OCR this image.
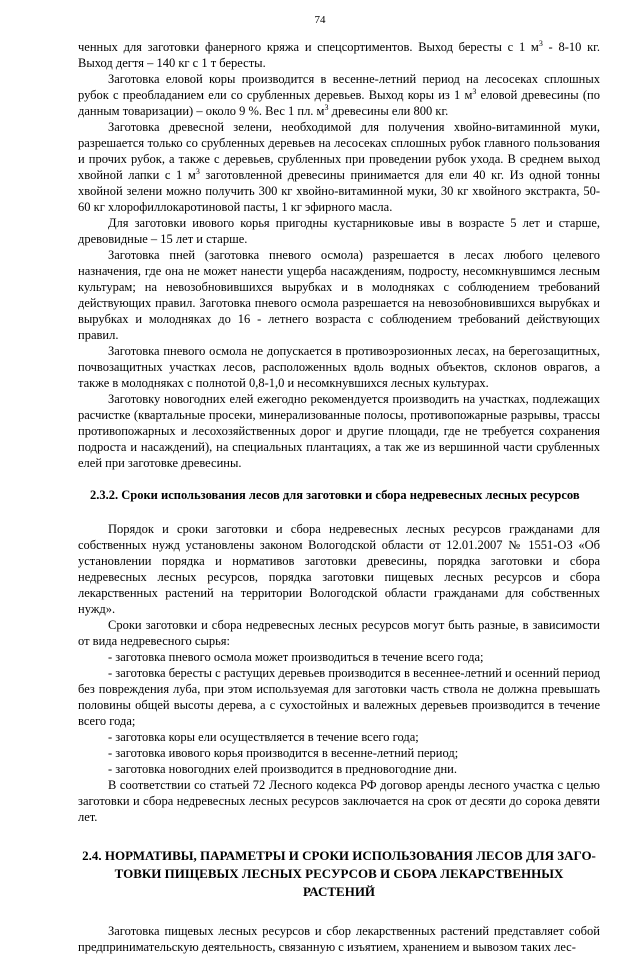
74

ченных для заготовки фанерного кряжа и спецсортиментов. Выход бересты с 1 $м^3 - 8-10$ кг. Выход дегтя – 140 кг с 1 т бересты.

Заготовка еловой коры производится в весенне-летний период на лесосеках сплошных рубок с преобладанием ели со срубленных деревьев. Выход коры из 1 $м^3$ еловой древесины (по данным товаризации) – около 9 %. Вес 1 пл. $м^3$ древесины ели 800 кг.

Заготовка древесной зелени, необходимой для получения хвойно-витаминной муки, разрешается только со срубленных деревьев на лесосеках сплошных рубок главного пользования и прочих рубок, а также с деревьев, срубленных при проведении рубок ухода. В среднем выход хвойной лапки с 1 $м^3$ заготовленной древесины принимается для ели 40 кг. Из одной тонны хвойной зелени можно получить 300 кг хвойно-витаминной муки, 30 кг хвойного экстракта, 50-60 кг хлорофиллокаротиновой пасты, 1 кг эфирного масла.

Для заготовки ивового корья пригодны кустарниковые ивы в возрасте 5 лет и старше, древовидные – 15 лет и старше.

Заготовка пней (заготовка пневого осмола) разрешается в лесах любого целевого назначения, где она не может нанести ущерба насаждениям, подросту, несомкнувшимся лесным культурам; на невозобновившихся вырубках и в молодняках с соблюдением требований действующих правил. Заготовка пневого осмола разрешается на невозобновившихся вырубках и вырубках и молодняках до 16 - летнего возраста с соблюдением требований действующих правил.

Заготовка пневого осмола не допускается в противоэрозионных лесах, на берегозащитных, почвозащитных участках лесов, расположенных вдоль водных объектов, склонов оврагов, а также в молодняках с полнотой 0,8-1,0 и несомкнувшихся лесных культурах.

Заготовку новогодних елей ежегодно рекомендуется производить на участках, подлежащих расчистке (квартальные просеки, минерализованные полосы, противопожарные разрывы, трассы противопожарных и лесохозяйственных дорог и другие площади, где не требуется сохранения подроста и насаждений), на специальных плантациях, а так же из вершинной части срубленных елей при заготовке древесины.

2.3.2. Сроки использования лесов для заготовки и сбора недревесных лесных ресурсов

Порядок и сроки заготовки и сбора недревесных лесных ресурсов гражданами для собственных нужд установлены законом Вологодской области от 12.01.2007 № 1551-ОЗ «Об установлении порядка и нормативов заготовки древесины, порядка заготовки и сбора недревесных лесных ресурсов, порядка заготовки пищевых лесных ресурсов и сбора лекарственных растений на территории Вологодской области гражданами для собственных нужд».

Сроки заготовки и сбора недревесных лесных ресурсов могут быть разные, в зависимости от вида недревесного сырья:

- заготовка пневого осмола может производиться в течение всего года;

- заготовка бересты с растущих деревьев производится в весеннее-летний и осенний период без повреждения луба, при этом используемая для заготовки часть ствола не должна превышать половины общей высоты дерева, а с сухостойных и валежных деревьев производится в течение всего года;

- заготовка коры ели осуществляется в течение всего года;

- заготовка ивового корья производится в весенне-летний период;

- заготовка новогодних елей производится в предновогодние дни.

В соответствии со статьей 72 Лесного кодекса РФ договор аренды лесного участка с целью заготовки и сбора недревесных лесных ресурсов заключается на срок от десяти до сорока девяти лет.

2.4. НОРМАТИВЫ, ПАРАМЕТРЫ И СРОКИ ИСПОЛЬЗОВАНИЯ ЛЕСОВ ДЛЯ ЗАГО-
ТОВКИ ПИЩЕВЫХ ЛЕСНЫХ РЕСУРСОВ И СБОРА ЛЕКАРСТВЕННЫХ РАСТЕНИЙ

Заготовка пищевых лесных ресурсов и сбор лекарственных растений представляет собой предпринимательскую деятельность, связанную с изъятием, хранением и вывозом таких лес-
